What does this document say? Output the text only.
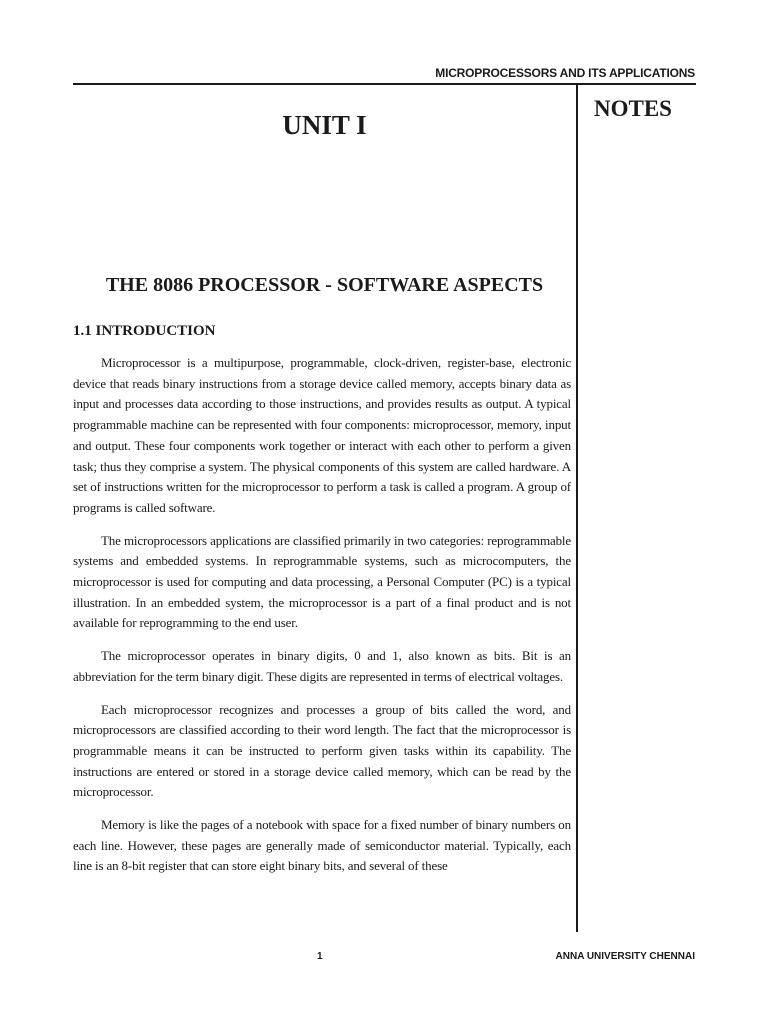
MICROPROCESSORS AND ITS APPLICATIONS
NOTES
UNIT I
THE 8086 PROCESSOR - SOFTWARE ASPECTS
1.1 INTRODUCTION

Microprocessor is a multipurpose, programmable, clock-driven, register-base, electronic device that reads binary instructions from a storage device called memory, accepts binary data as input and processes data according to those instructions, and provides results as output. A typical programmable machine can be represented with four components: microprocessor, memory, input and output. These four components work together or interact with each other to perform a given task; thus they comprise a system. The physical components of this system are called hardware. A set of instructions written for the microprocessor to perform a task is called a program. A group of programs is called software.

The microprocessors applications are classified primarily in two categories: reprogrammable systems and embedded systems. In reprogrammable systems, such as microcomputers, the microprocessor is used for computing and data processing, a Personal Computer (PC) is a typical illustration. In an embedded system, the microprocessor is a part of a final product and is not available for reprogramming to the end user.

The microprocessor operates in binary digits, 0 and 1, also known as bits. Bit is an abbreviation for the term binary digit. These digits are represented in terms of electrical voltages.

Each microprocessor recognizes and processes a group of bits called the word, and microprocessors are classified according to their word length. The fact that the microprocessor is programmable means it can be instructed to perform given tasks within its capability. The instructions are entered or stored in a storage device called memory, which can be read by the microprocessor.

Memory is like the pages of a notebook with space for a fixed number of binary numbers on each line. However, these pages are generally made of semiconductor material. Typically, each line is an 8-bit register that can store eight binary bits, and several of these

1	ANNA UNIVERSITY CHENNAI
